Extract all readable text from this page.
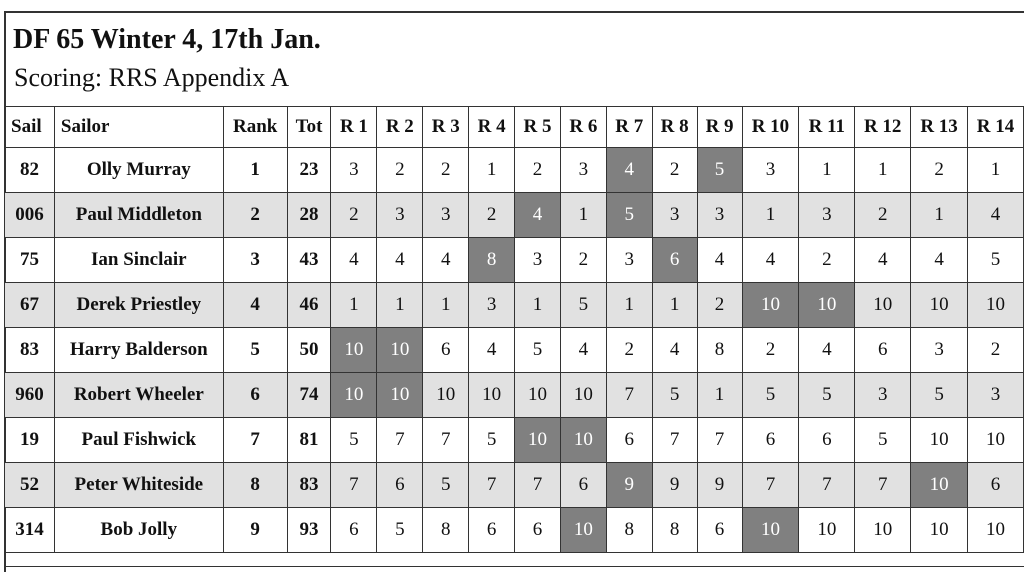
DF 65 Winter 4, 17th Jan.
Scoring: RRS Appendix A
Sail	Sailor	Rank	Tot	R 1	R 2	R 3	R 4	R 5	R 6	R 7	R 8	R 9	R 10	R 11	R 12	R 13	R 14
82	Olly Murray	1	23	3	2	2	1	2	3	4	2	5	3	1	1	2	1
006	Paul Middleton	2	28	2	3	3	2	4	1	5	3	3	1	3	2	1	4
75	Ian Sinclair	3	43	4	4	4	8	3	2	3	6	4	4	2	4	4	5
67	Derek Priestley	4	46	1	1	1	3	1	5	1	1	2	10	10	10	10	10
83	Harry Balderson	5	50	10	10	6	4	5	4	2	4	8	2	4	6	3	2
960	Robert Wheeler	6	74	10	10	10	10	10	10	7	5	1	5	5	3	5	3
19	Paul Fishwick	7	81	5	7	7	5	10	10	6	7	7	6	6	5	10	10
52	Peter Whiteside	8	83	7	6	5	7	7	6	9	9	9	7	7	7	10	6
314	Bob Jolly	9	93	6	5	8	6	6	10	8	8	6	10	10	10	10	10
